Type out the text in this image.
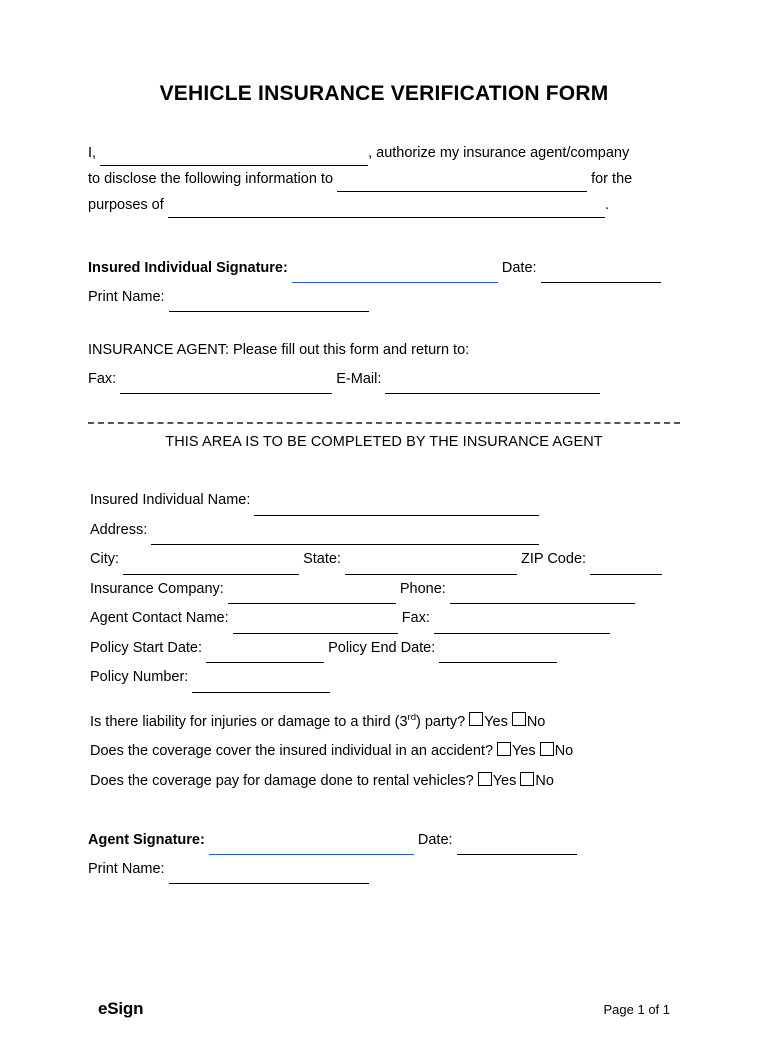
VEHICLE INSURANCE VERIFICATION FORM
I,	, authorize my insurance agent/company
to disclose the following information to	for the
purposes of	.
Insured Individual Signature:	Date:
Print Name:
INSURANCE AGENT: Please fill out this form and return to:
Fax:	E-Mail:
THIS AREA IS TO BE COMPLETED BY THE INSURANCE AGENT
Insured Individual Name:
Address:
City:	State:	ZIP Code:
Insurance Company:	Phone:
Agent Contact Name:	Fax:
Policy Start Date:	Policy End Date:
Policy Number:
Is there liability for injuries or damage to a third (3rd) party? Yes No
Does the coverage cover the insured individual in an accident? Yes No
Does the coverage pay for damage done to rental vehicles? Yes No
Agent Signature:	Date:
Print Name:
eSign	Page 1 of 1
